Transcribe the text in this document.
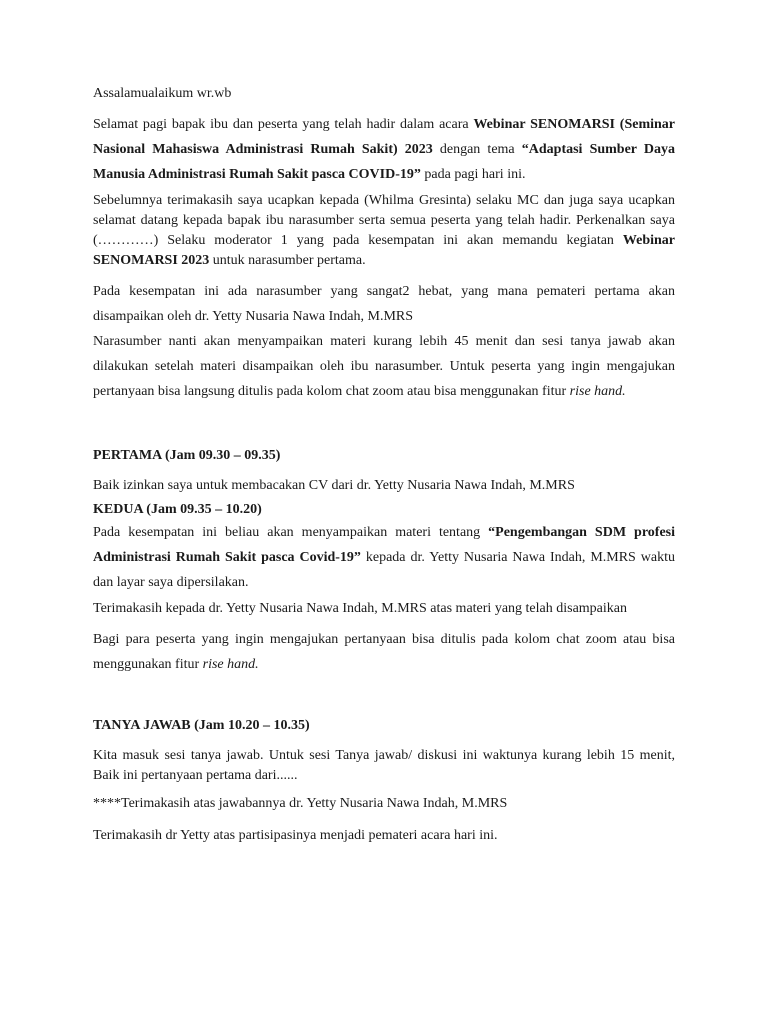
Assalamualaikum wr.wb

Selamat pagi bapak ibu dan peserta yang telah hadir dalam acara Webinar SENOMARSI (Seminar Nasional Mahasiswa Administrasi Rumah Sakit) 2023 dengan tema “Adaptasi Sumber Daya Manusia Administrasi Rumah Sakit pasca COVID-19” pada pagi hari ini.

Sebelumnya terimakasih saya ucapkan kepada (Whilma Gresinta) selaku MC dan juga saya ucapkan selamat datang kepada bapak ibu narasumber serta semua peserta yang telah hadir. Perkenalkan saya (…………) Selaku moderator 1 yang pada kesempatan ini akan memandu kegiatan Webinar SENOMARSI 2023 untuk narasumber pertama.

Pada kesempatan ini ada narasumber yang sangat2 hebat, yang mana pemateri pertama akan disampaikan oleh dr. Yetty Nusaria Nawa Indah, M.MRS

Narasumber nanti akan menyampaikan materi kurang lebih 45 menit dan sesi tanya jawab akan dilakukan setelah materi disampaikan oleh ibu narasumber. Untuk peserta yang ingin mengajukan pertanyaan bisa langsung ditulis pada kolom chat zoom atau bisa menggunakan fitur rise hand.

PERTAMA (Jam 09.30 – 09.35)

Baik izinkan saya untuk membacakan CV dari dr. Yetty Nusaria Nawa Indah, M.MRS

KEDUA (Jam 09.35 – 10.20)

Pada kesempatan ini beliau akan menyampaikan materi tentang “Pengembangan SDM profesi Administrasi Rumah Sakit pasca Covid-19” kepada dr. Yetty Nusaria Nawa Indah, M.MRS waktu dan layar saya dipersilakan.

Terimakasih kepada dr. Yetty Nusaria Nawa Indah, M.MRS atas materi yang telah disampaikan

Bagi para peserta yang ingin mengajukan pertanyaan bisa ditulis pada kolom chat zoom atau bisa menggunakan fitur rise hand.

TANYA JAWAB (Jam 10.20 – 10.35)

Kita masuk sesi tanya jawab. Untuk sesi Tanya jawab/ diskusi ini waktunya kurang lebih 15 menit, Baik ini pertanyaan pertama dari......

****Terimakasih atas jawabannya dr. Yetty Nusaria Nawa Indah, M.MRS

Terimakasih dr Yetty atas partisipasinya menjadi pemateri acara hari ini.
